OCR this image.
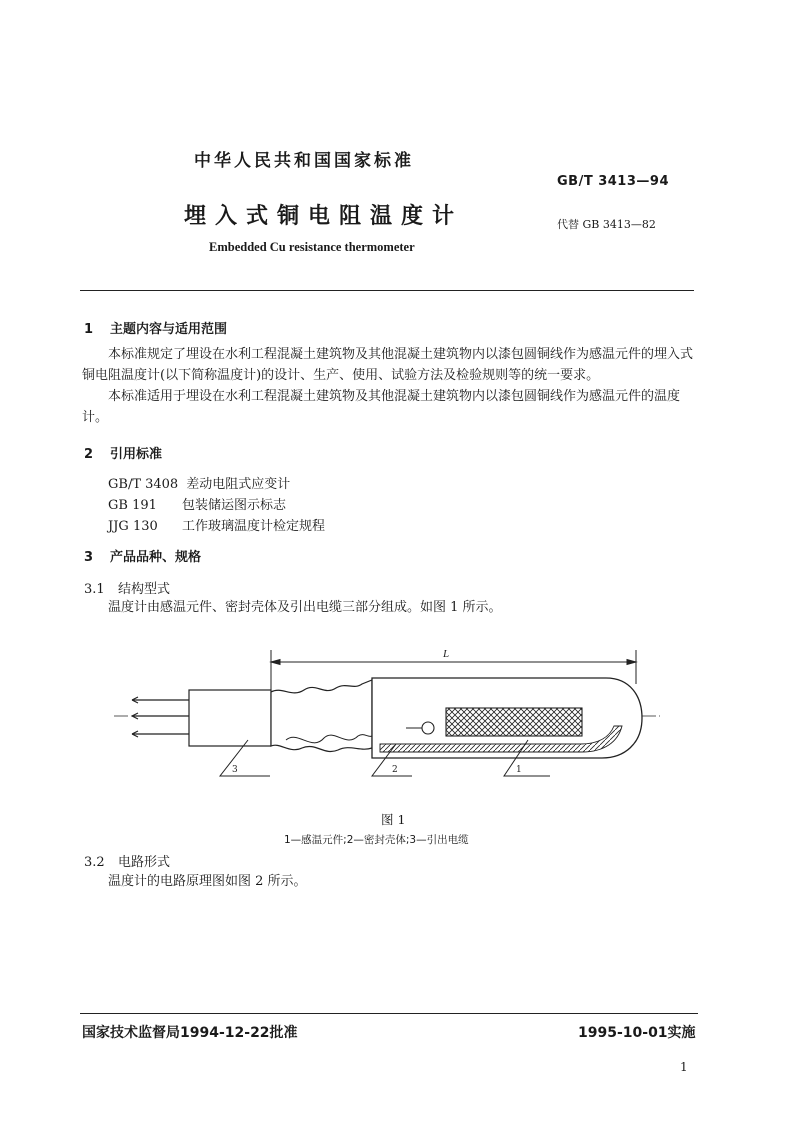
中华人民共和国国家标准
GB/T 3413—94
埋入式铜电阻温度计	代替 GB 3413—82
Embedded Cu resistance thermometer
1 主题内容与适用范围
本标准规定了埋设在水利工程混凝土建筑物及其他混凝土建筑物内以漆包圆铜线作为感温元件的埋入式铜电阻温度计(以下简称温度计)的设计、生产、使用、试验方法及检验规则等的统一要求。
本标准适用于埋设在水利工程混凝土建筑物及其他混凝土建筑物内以漆包圆铜线作为感温元件的温度计。
2 引用标准
GB/T 3408 差动电阻式应变计
GB 191 包装储运图示标志
JJG 130 工作玻璃温度计检定规程
3 产品品种、规格
3.1 结构型式
温度计由感温元件、密封壳体及引出电缆三部分组成。如图 1 所示。
L
3	2	1
图 1
1—感温元件;2—密封壳体;3—引出电缆
3.2 电路形式
温度计的电路原理图如图 2 所示。
国家技术监督局1994-12-22批准	1995-10-01实施
1
